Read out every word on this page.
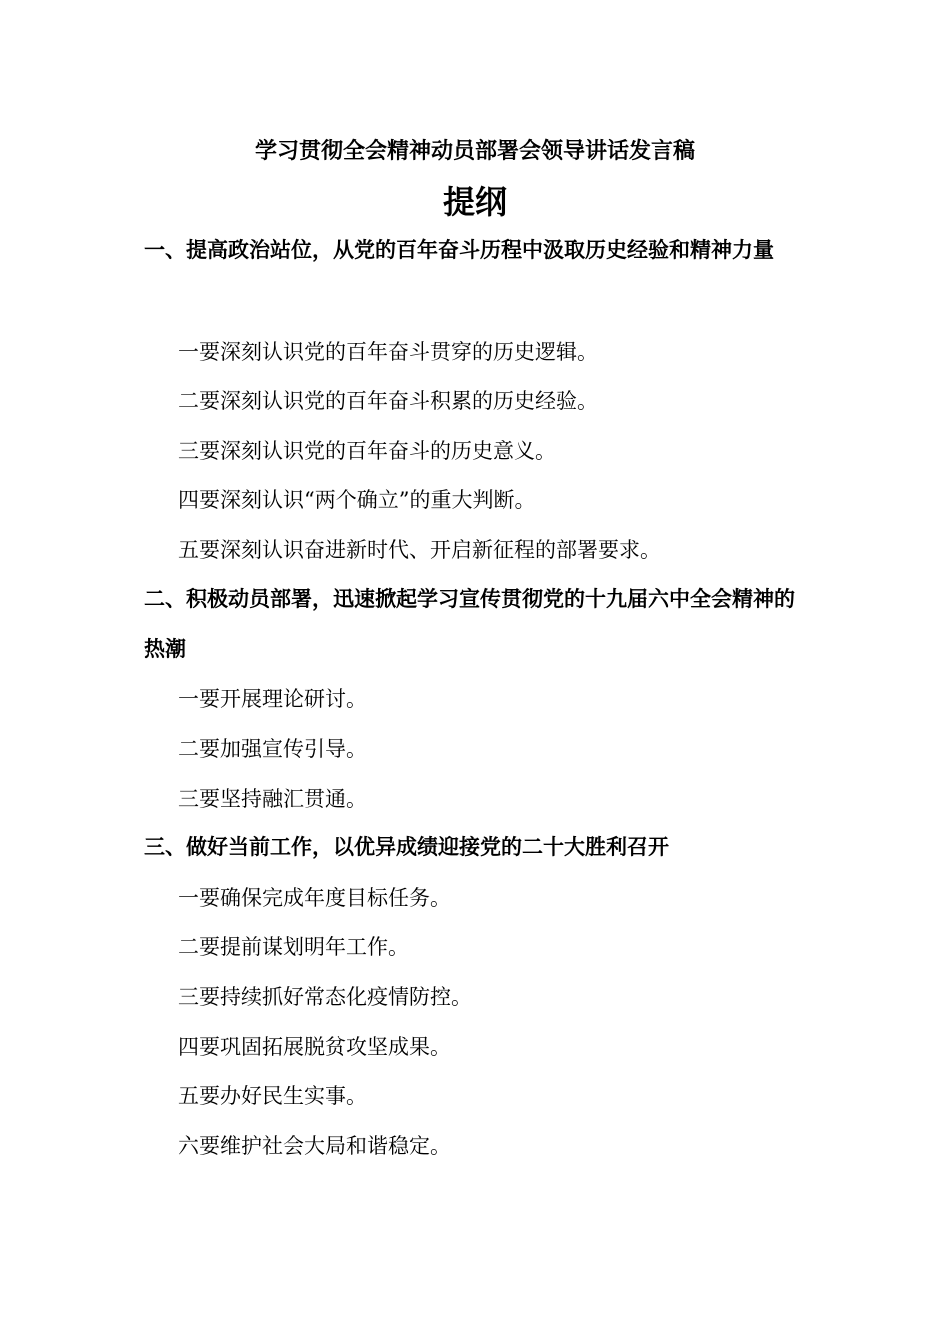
学习贯彻全会精神动员部署会领导讲话发言稿
提纲
一、提高政治站位，从党的百年奋斗历程中汲取历史经验和精神力量
一要深刻认识党的百年奋斗贯穿的历史逻辑。
二要深刻认识党的百年奋斗积累的历史经验。
三要深刻认识党的百年奋斗的历史意义。
四要深刻认识“两个确立”的重大判断。
五要深刻认识奋进新时代、开启新征程的部署要求。
二、积极动员部署，迅速掀起学习宣传贯彻党的十九届六中全会精神的热潮
一要开展理论研讨。
二要加强宣传引导。
三要坚持融汇贯通。
三、做好当前工作，以优异成绩迎接党的二十大胜利召开
一要确保完成年度目标任务。
二要提前谋划明年工作。
三要持续抓好常态化疫情防控。
四要巩固拓展脱贫攻坚成果。
五要办好民生实事。
六要维护社会大局和谐稳定。
